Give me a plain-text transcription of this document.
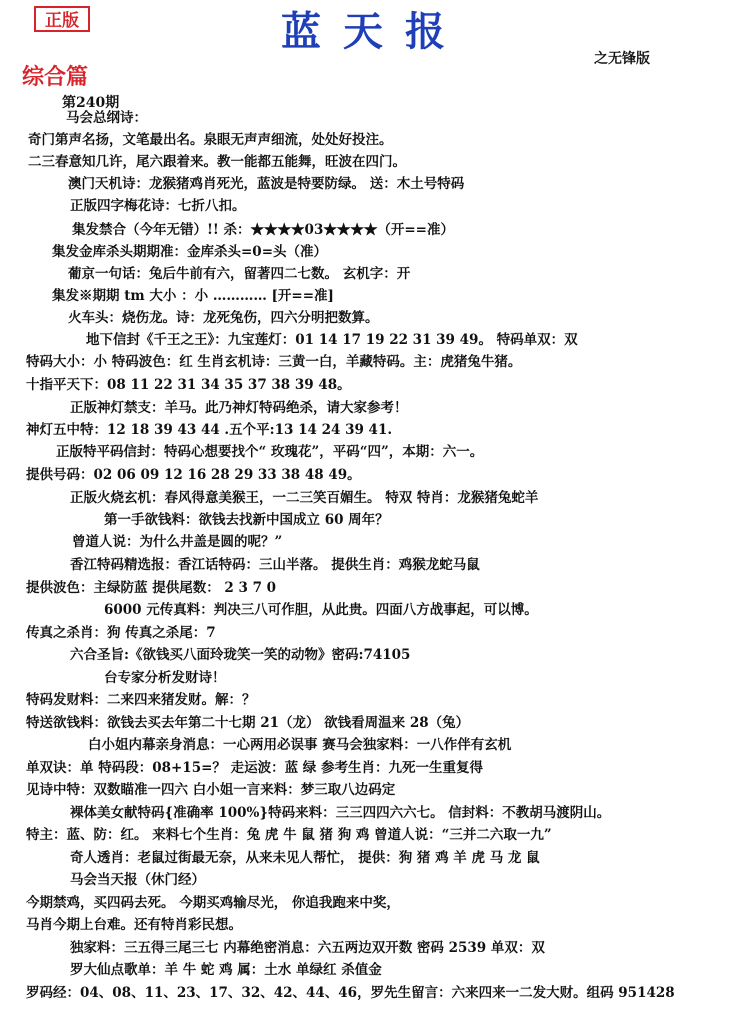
正版	蓝天报
之无锋版
综合篇
第240期
马会总纲诗：
奇门第声名扬，文笔最出名。泉眼无声声细流，处处好投注。
二三春意知几许，尾六跟着来。教一能都五能舞，旺波在四门。
澳门天机诗：龙猴猪鸡肖死光，蓝波是特要防绿。 送：木土号特码
正版四字梅花诗：七折八扣。
集发禁合（今年无错）!! 杀：★★★★03★★★★（开==准）
集发金库杀头期期准：金库杀头=0=头（准）
葡京一句话：兔后牛前有六，留著四二七数。 玄机字：开
集发※期期 tm 大小 ：小 ………… [开==准]
火车头：烧伤龙。诗：龙死兔伤，四六分明把数算。
地下信封《千王之王》：九宝莲灯：01 14 17 19 22 31 39 49。 特码单双：双
特码大小：小 特码波色：红 生肖玄机诗：三黄一白，羊藏特码。主：虎猪兔牛猪。
十指平天下：08 11 22 31 34 35 37 38 39 48。
正版神灯禁支：羊马。此乃神灯特码绝杀，请大家参考！
神灯五中特：12 18 39 43 44 .五个平:13 14 24 39 41.
正版特平码信封：特码心想要找个“ 玫瑰花”，平码“四”，本期：六一。
提供号码：02 06 09 12 16 28 29 33 38 48 49。
正版火烧玄机：春风得意美猴王，一二三笑百媚生。 特双 特肖：龙猴猪兔蛇羊
第一手欲钱料：欲钱去找新中国成立 60 周年？
曾道人说：为什么井盖是圆的呢？”
香江特码精选报：香江话特码：三山半落。 提供生肖：鸡猴龙蛇马鼠
提供波色：主绿防蓝 提供尾数： 2 3 7 0
6000 元传真料：判决三八可作胆，从此贵。四面八方战事起，可以博。
传真之杀肖：狗 传真之杀尾：7
六合圣旨:《欲钱买八面玲珑笑一笑的动物》密码:74105
台专家分析发财诗！
特码发财料：二来四来猪发财。解：？
特送欲钱料：欲钱去买去年第二十七期 21（龙） 欲钱看周温来 28（兔）
白小姐内幕亲身消息：一心两用必误事 赛马会独家料：一八作伴有玄机
单双诀：单 特码段：08+15=？ 走运波：蓝 绿 参考生肖：九死一生重复得
见诗中特：双数瞄准一四六 白小姐一言来料：梦三取八边码定
裸体美女献特码{准确率 100%}特码来料：三三四四六六七。 信封料：不教胡马渡阴山。
特主：蓝、防：红。 来料七个生肖：兔 虎 牛 鼠 猪 狗 鸡 曾道人说：“三并二六取一九”
奇人透肖：老鼠过街最无奈，从来未见人帮忙， 提供：狗 猪 鸡 羊 虎 马 龙 鼠
马会当天报（休门经）
今期禁鸡，买四码去死。 今期买鸡输尽光， 你追我跑来中奖，
马肖今期上台难。还有特肖彩民想。
独家料：三五得三尾三七 内幕绝密消息：六五两边双开数 密码 2539 单双：双
罗大仙点歌单：羊 牛 蛇 鸡 属：土水 单绿红 杀值金
罗码经：04、08、11、23、17、32、42、44、46，罗先生留言：六来四来一二发大财。组码 951428
